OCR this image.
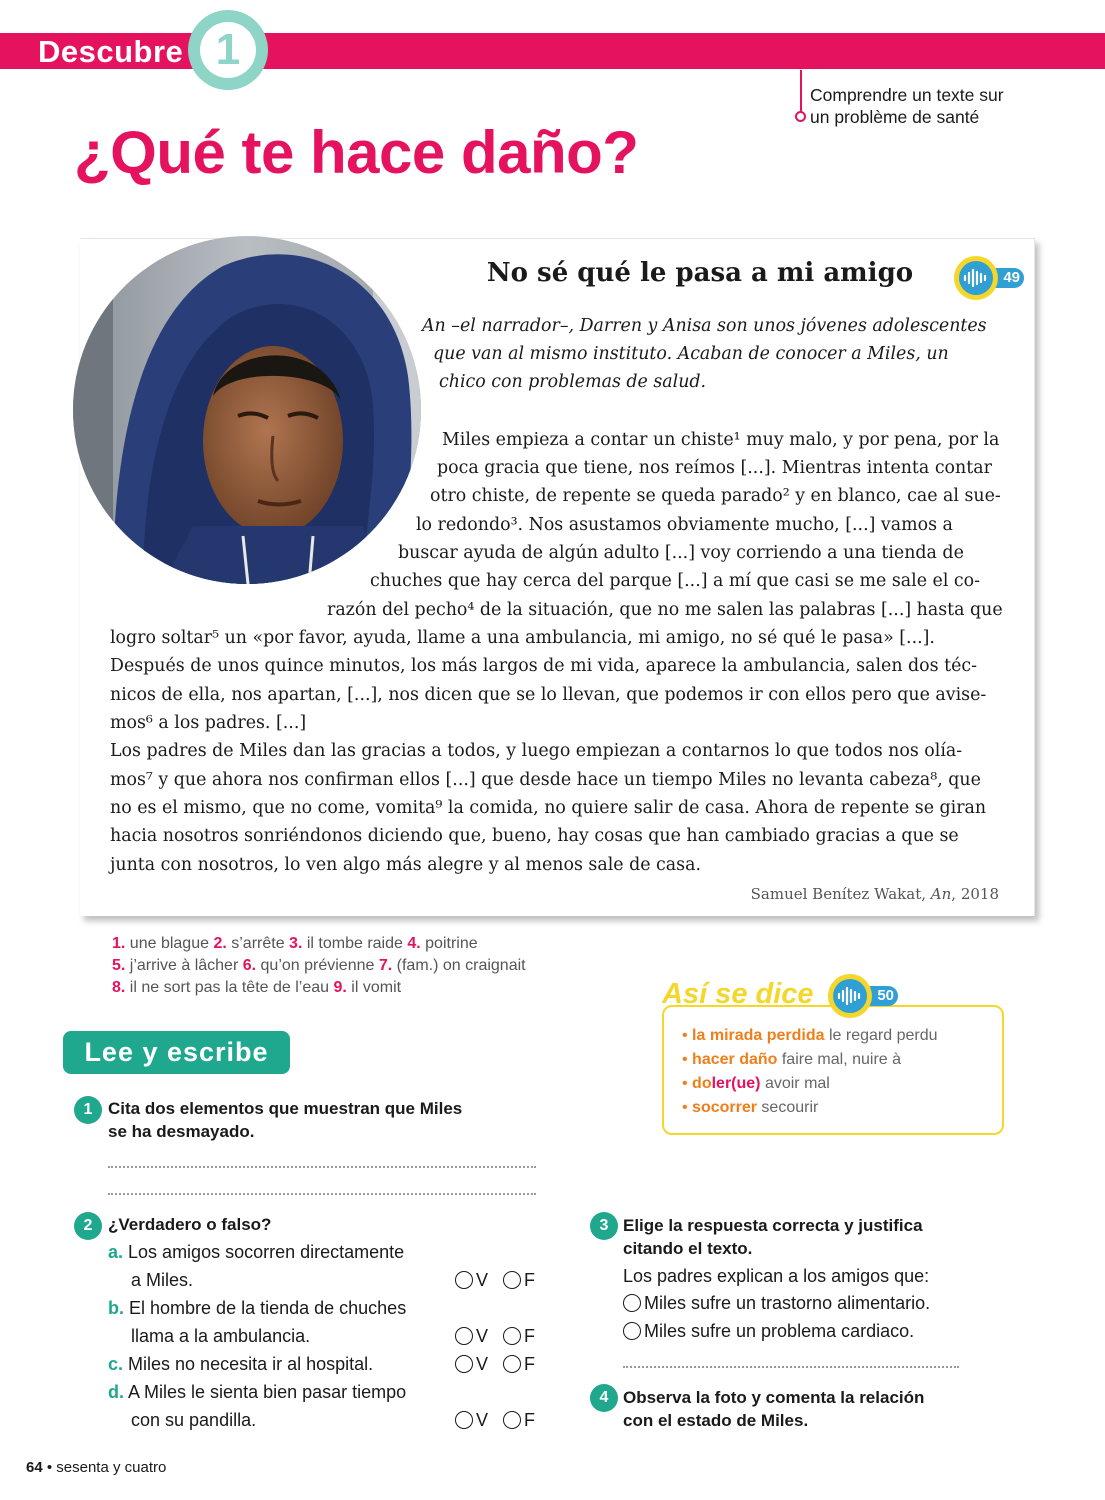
Descubre 1
Comprendre un texte sur
un problème de santé
¿Qué te hace daño?
No sé qué le pasa a mi amigo	49
An –el narrador–, Darren y Anisa son unos jóvenes adolescentes
que van al mismo instituto. Acaban de conocer a Miles, un
chico con problemas de salud.
Miles empieza a contar un chiste¹ muy malo, y por pena, por la
poca gracia que tiene, nos reímos [...]. Mientras intenta contar
otro chiste, de repente se queda parado² y en blanco, cae al sue-
lo redondo³. Nos asustamos obviamente mucho, [...] vamos a
buscar ayuda de algún adulto [...] voy corriendo a una tienda de
chuches que hay cerca del parque [...] a mí que casi se me sale el co-
razón del pecho⁴ de la situación, que no me salen las palabras [...] hasta que
logro soltar⁵ un «por favor, ayuda, llame a una ambulancia, mi amigo, no sé qué le pasa» [...].
Después de unos quince minutos, los más largos de mi vida, aparece la ambulancia, salen dos téc-
nicos de ella, nos apartan, [...], nos dicen que se lo llevan, que podemos ir con ellos pero que avise-
mos⁶ a los padres. [...]
Los padres de Miles dan las gracias a todos, y luego empiezan a contarnos lo que todos nos olía-
mos⁷ y que ahora nos confirman ellos [...] que desde hace un tiempo Miles no levanta cabeza⁸, que
no es el mismo, que no come, vomita⁹ la comida, no quiere salir de casa. Ahora de repente se giran
hacia nosotros sonriéndonos diciendo que, bueno, hay cosas que han cambiado gracias a que se
junta con nosotros, lo ven algo más alegre y al menos sale de casa.
Samuel Benítez Wakat, An, 2018
1. une blague 2. s’arrête 3. il tombe raide 4. poitrine
5. j’arrive à lâcher 6. qu’on prévienne 7. (fam.) on craignait
8. il ne sort pas la tête de l’eau 9. il vomit	Así se dice	50
• la mirada perdida le regard perdu
• hacer daño faire mal, nuire à
• doler(ue) avoir mal
• socorrer secourir
Lee y escribe
1 Cita dos elementos que muestran que Miles
se ha desmayado.
2 ¿Verdadero o falso?
a. Los amigos socorren directamente
a Miles.	V F
b. El hombre de la tienda de chuches
llama a la ambulancia.	V F
c. Miles no necesita ir al hospital.	V F
d. A Miles le sienta bien pasar tiempo
con su pandilla.	V F
3 Elige la respuesta correcta y justifica
citando el texto.
Los padres explican a los amigos que:
Miles sufre un trastorno alimentario.
Miles sufre un problema cardiaco.
4 Observa la foto y comenta la relación
con el estado de Miles.
64 • sesenta y cuatro
